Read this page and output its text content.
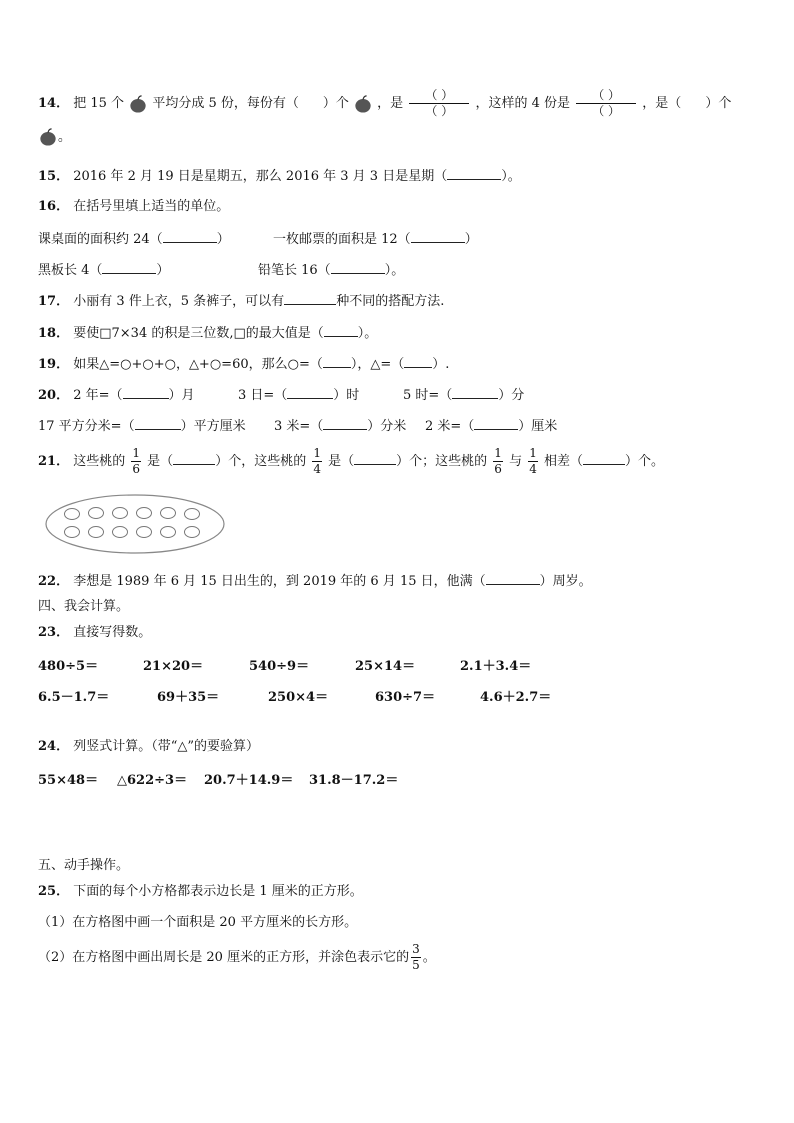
14． 把 15 个 平均分成 5 份，每份有（ ）个 ，是 $\frac{( )}{( )}$ ，这样的 4 份是 $\frac{( )}{( )}$ ，是（ ）个
。
15． 2016 年 2 月 19 日是星期五，那么 2016 年 3 月 3 日是星期（	）。
16． 在括号里填上适当的单位。
课桌面的面积约 24（	）	一枚邮票的面积是 12（	）
黑板长 4（	）	铅笔长 16（	）。
17． 小丽有 3 件上衣，5 条裤子，可以有	种不同的搭配方法.
18． 要使□7×34 的积是三位数,□的最大值是（	）。
19． 如果△=○+○+○，△+○=60，那么○=（ ），△=（ ）.
20． 2 年=（	）月	3 日=（	）时	5 时=（	）分
17 平方分米=（	）平方厘米 3 米=（	）分米 2 米=（	）厘米
21． 这些桃的 $\frac{1}{6}$ 是（	）个，这些桃的 $\frac{1}{4}$ 是（	）个；这些桃的 $\frac{1}{6}$ 与 $\frac{1}{4}$ 相差（	）个。
22． 李想是 1989 年 6 月 15 日出生的，到 2019 年的 6 月 15 日，他满（	）周岁。
四、我会计算。
23． 直接写得数。
480÷5＝	21×20＝	540÷9＝	25×14＝	2.1＋3.4＝
6.5－1.7＝	69＋35＝	250×4＝	630÷7＝	4.6＋2.7＝
24． 列竖式计算。（带“△”的要验算）
55×48＝ △622÷3＝ 20.7＋14.9＝ 31.8－17.2＝
五、动手操作。
25． 下面的每个小方格都表示边长是 1 厘米的正方形。
（1）在方格图中画一个面积是 20 平方厘米的长方形。
（2）在方格图中画出周长是 20 厘米的正方形，并涂色表示它的 $\frac{3}{5}$ 。
